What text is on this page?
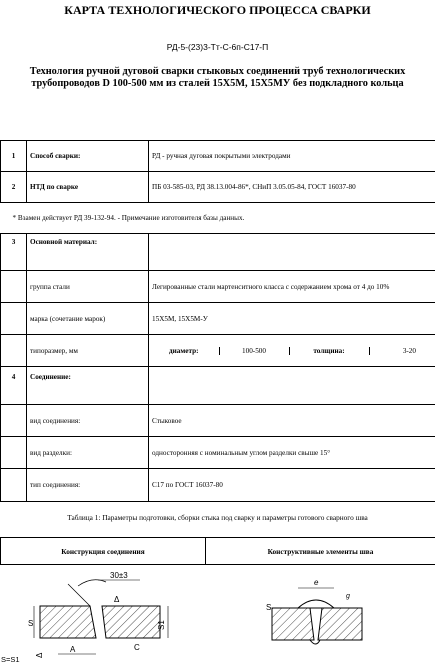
КАРТА ТЕХНОЛОГИЧЕСКОГО ПРОЦЕССА СВАРКИ
РД-5-(23)3-Тт-С-6п-С17-П
Технология ручной дуговой сварки стыковых соединений труб технологических трубопроводов D 100-500 мм из сталей 15Х5М, 15Х5МУ без подкладного кольца
1	Способ сварки:	РД - ручная дуговая покрытыми электродами
2	НТД по сварке	ПБ 03-585-03, РД 38.13.004-86*, СНиП 3.05.05-84, ГОСТ 16037-80

* Взамен действует РД 39-132-94. - Примечание изготовителя базы данных.
3	Основной материал:	
	группа стали	Легированные стали мартенситного класса с содержанием хрома от 4 до 10%
	марка (сочетание марок)	15Х5М, 15Х5М-У
	типоразмер, мм		диаметр:	100-500	толщина:	3-20

4	Соединение:	
	вид соединения:	Стыковое
	вид разделки:	односторонняя с номинальным углом разделки свыше 15°
	тип соединения:	С17 по ГОСТ 16037-80
Таблица 1: Параметры подготовки, сборки стыка под сварку и параметры готового сварного шва
Конструкция соединения	Конструктивные элементы шва
30±3
Δ
S	S1
A	C
Δ
e
S
g
S=S1
